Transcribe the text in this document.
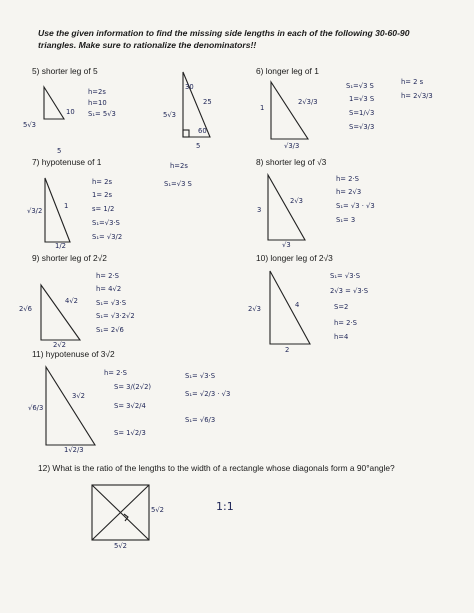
Use the given information to find the missing side lengths in each of the following 30-60-90 triangles. Make sure to rationalize the denominators!!
5) shorter leg of 5	6) longer leg of 1
7) hypotenuse of 1	8) shorter leg of √3
9) shorter leg of 2√2	10) longer leg of 2√3
11) hypotenuse of 3√2
12) What is the ratio of the lengths to the width of a rectangle whose diagonals form a 90°angle?
10
5√3
5
30
60
5√3
25
5
1
2√3/3
√3/3
1
√3/2
1/2
3
2√3
√3
2√6
4√2
2√2
2√3	4
2
√6/3
3√2
1√2/3
5√2
5√2
h=2s
h=10
S₁= 5√3
h=2s
S₁=√3 S
S₁=√3 S
1=√3 S
S=1/√3
S=√3/3
h= 2 s
h= 2√3/3
h= 2s
1= 2s
s= 1/2
S₁=√3·S
S₁= √3/2
h= 2·S
h= 2√3
S₁= √3 · √3
S₁= 3
h= 2·S
h= 4√2
S₁= √3·S
S₁= √3·2√2
S₁= 2√6
S₁= √3·S
2√3 = √3·S
S=2
h= 2·S
h=4
h= 2·S
S= 3/(2√2)
S= 3√2/4
S= 1√2/3
S₁= √3·S
S₁= √2/3 · √3
S₁= √6/3
1:1
